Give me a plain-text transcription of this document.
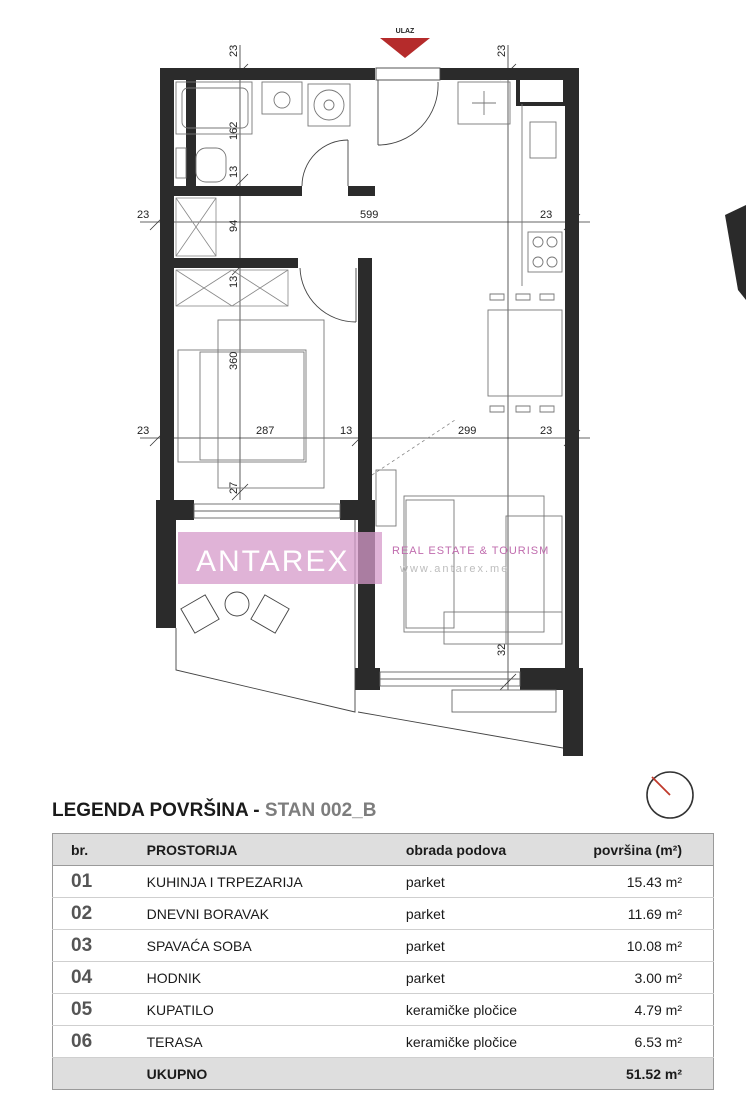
ANTAREX	REAL ESTATE & TOURISM
www.antarex.me
ULAZ
23	23
162
13
94
13
360
27
32
23	599	23
23	287	13	299	23
LEGENDA POVRŠINA - STAN 002_B
br.	PROSTORIJA	obrada podova	površina (m²)
01	KUHINJA I TRPEZARIJA	parket	15.43 m²
02	DNEVNI BORAVAK	parket	11.69 m²
03	SPAVAĆA SOBA	parket	10.08 m²
04	HODNIK	parket	3.00 m²
05	KUPATILO	keramičke pločice	4.79 m²
06	TERASA	keramičke pločice	6.53 m²
	UKUPNO		51.52 m²
